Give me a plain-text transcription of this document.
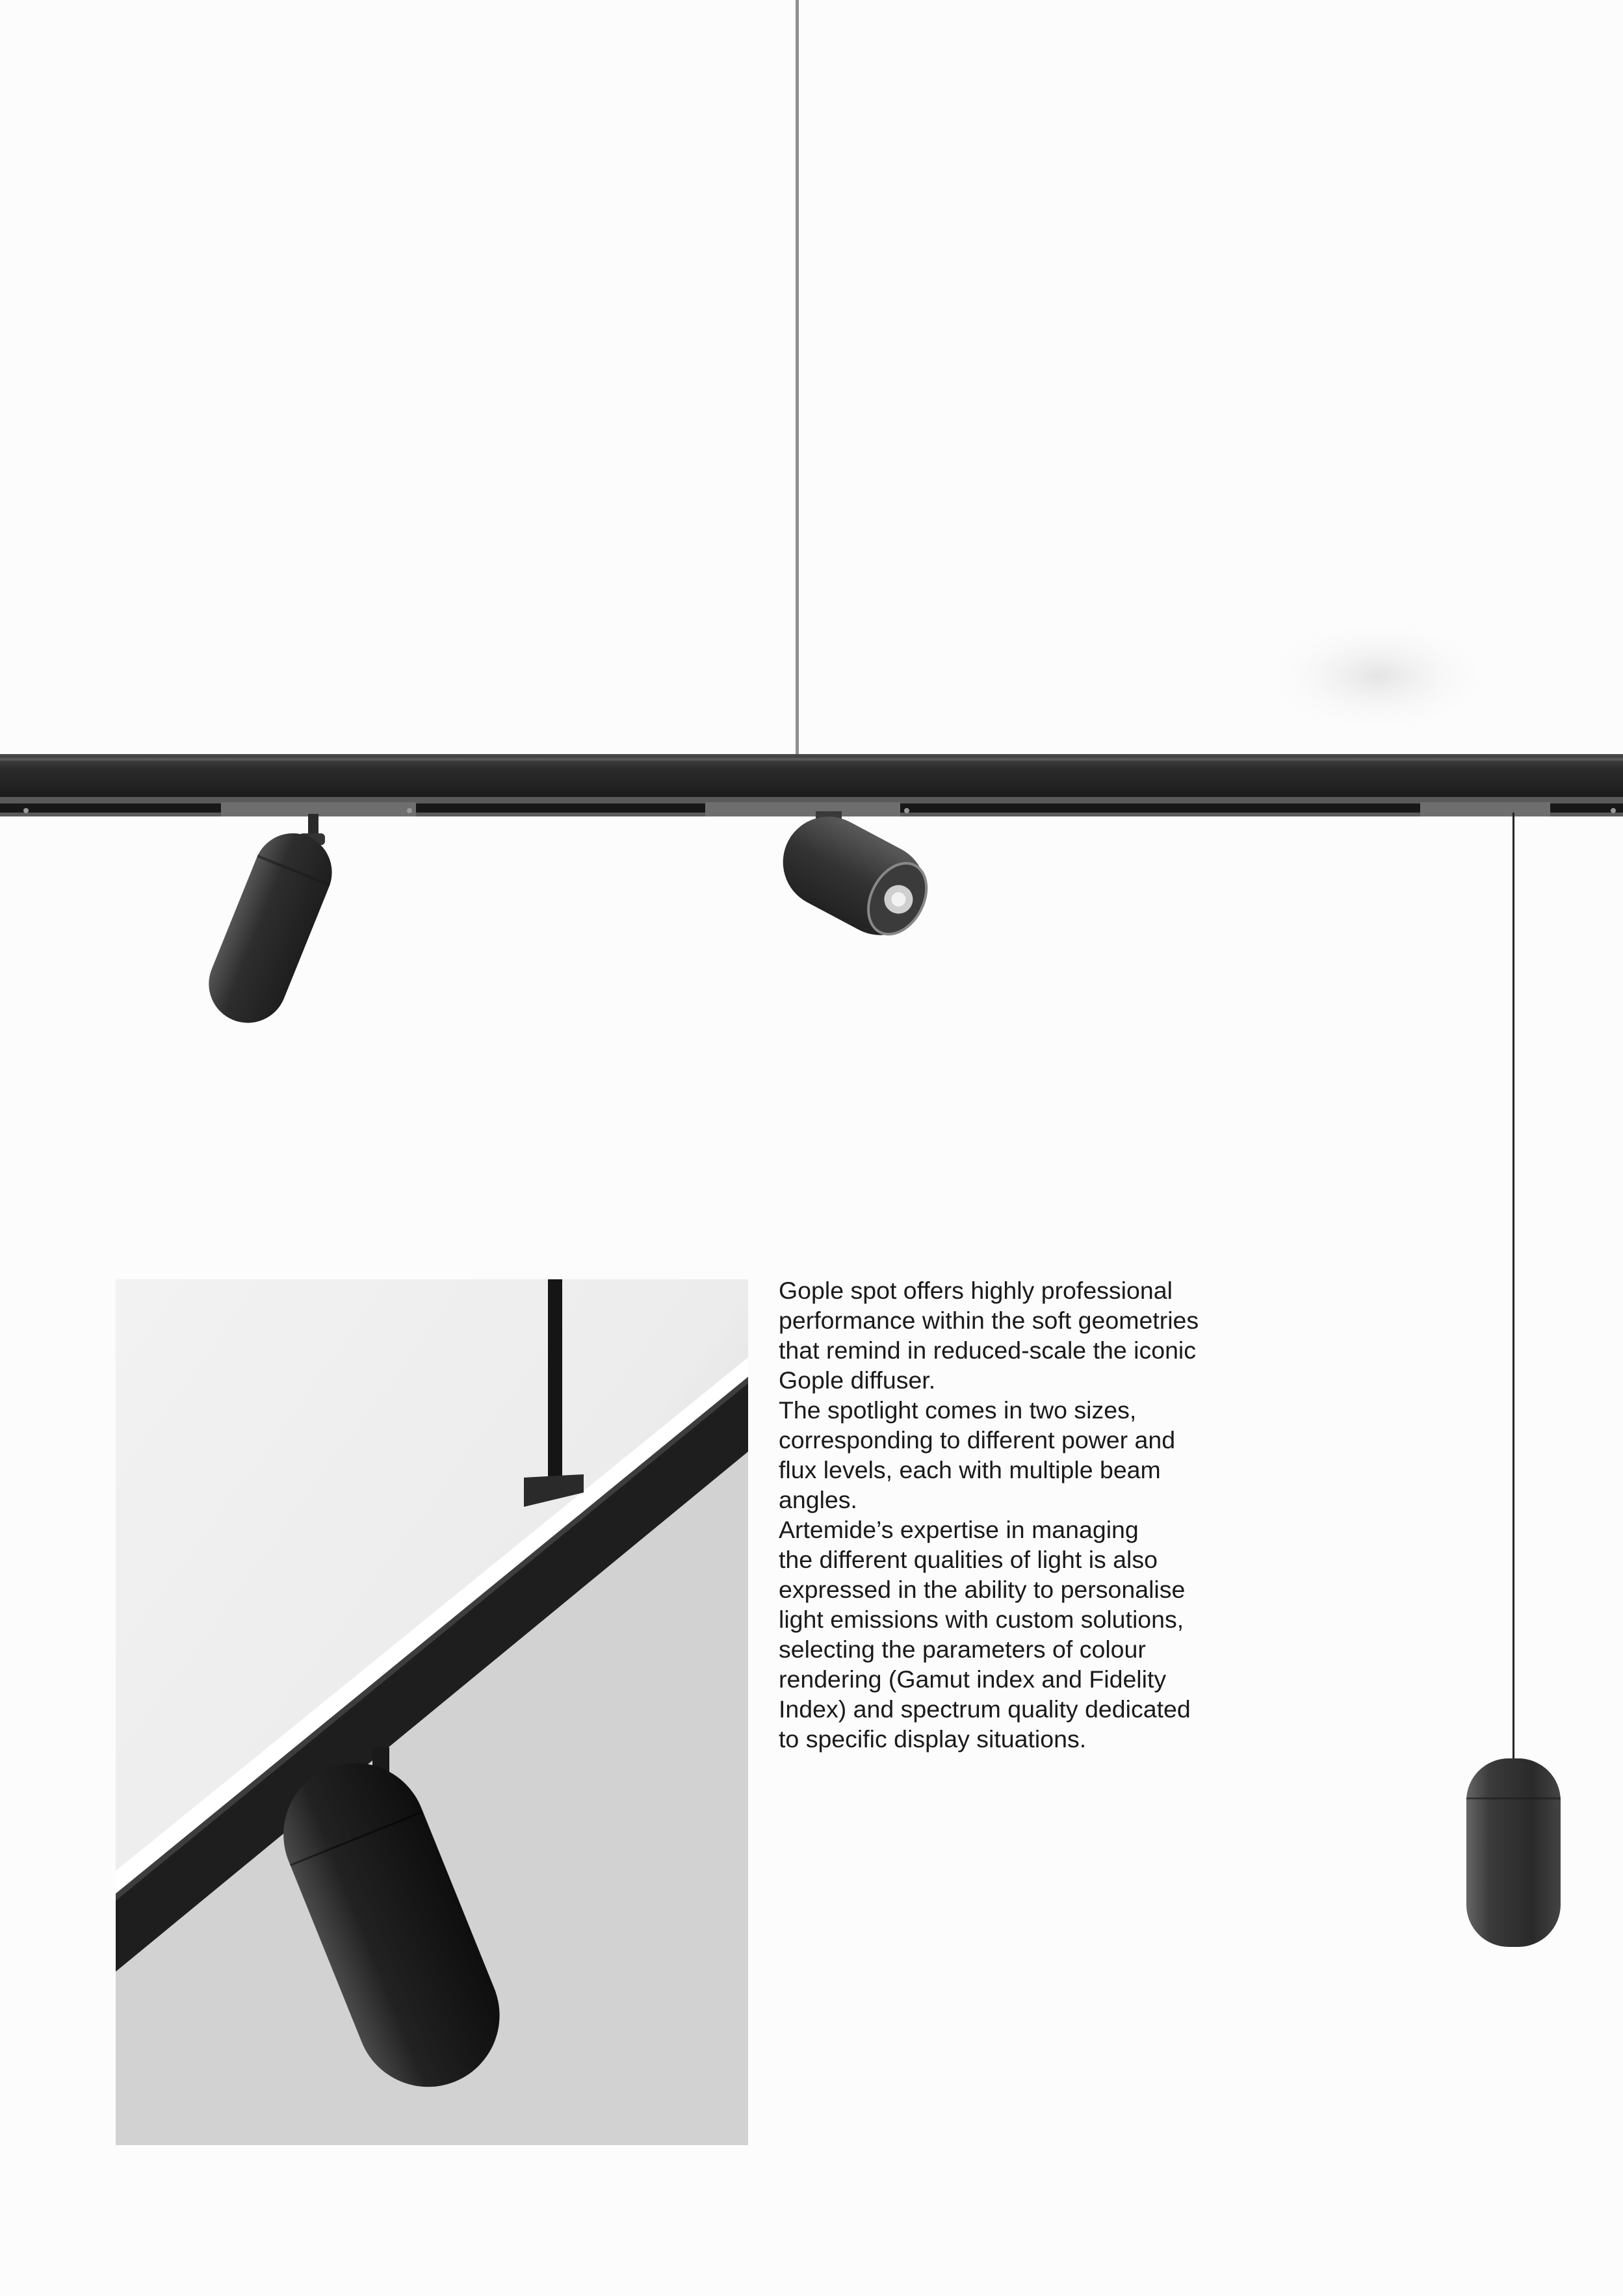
Gople spot offers highly professional
performance within the soft geometries
that remind in reduced-scale the iconic
Gople diffuser.
The spotlight comes in two sizes,
corresponding to different power and
flux levels, each with multiple beam
angles.
Artemide’s expertise in managing
the different qualities of light is also
expressed in the ability to personalise
light emissions with custom solutions,
selecting the parameters of colour
rendering (Gamut index and Fidelity
Index) and spectrum quality dedicated
to specific display situations.
